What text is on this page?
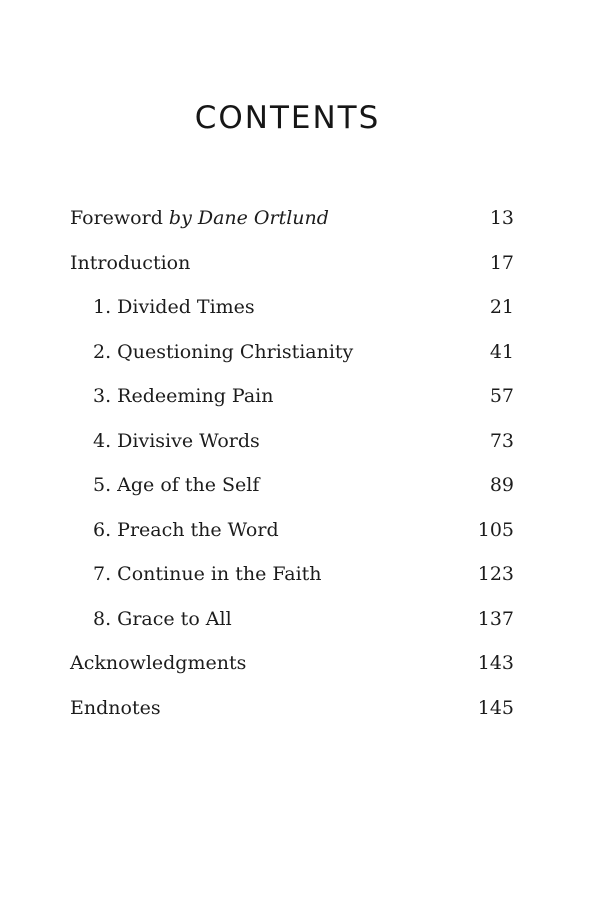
CONTENTS
Foreword by Dane Ortlund	13
Introduction	17
1. Divided Times	21
2. Questioning Christianity	41
3. Redeeming Pain	57
4. Divisive Words	73
5. Age of the Self	89
6. Preach the Word	105
7. Continue in the Faith	123
8. Grace to All	137
Acknowledgments	143
Endnotes	145
